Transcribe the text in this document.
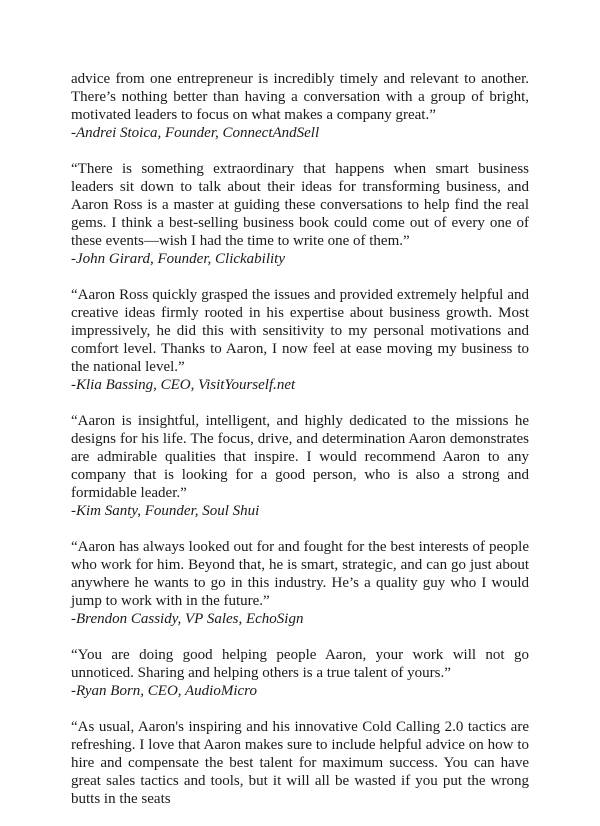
advice from one entrepreneur is incredibly timely and relevant to another. There’s nothing better than having a conversation with a group of bright, motivated leaders to focus on what makes a company great.”

-Andrei Stoica, Founder, ConnectAndSell

“There is something extraordinary that happens when smart business leaders sit down to talk about their ideas for transforming business, and Aaron Ross is a master at guiding these conversations to help find the real gems. I think a best-selling business book could come out of every one of these events—wish I had the time to write one of them.”

-John Girard, Founder, Clickability

“Aaron Ross quickly grasped the issues and provided extremely helpful and creative ideas firmly rooted in his expertise about business growth. Most impressively, he did this with sensitivity to my personal motivations and comfort level. Thanks to Aaron, I now feel at ease moving my business to the national level.”

-Klia Bassing, CEO, VisitYourself.net

“Aaron is insightful, intelligent, and highly dedicated to the missions he designs for his life. The focus, drive, and determination Aaron demonstrates are admirable qualities that inspire. I would recommend Aaron to any company that is looking for a good person, who is also a strong and formidable leader.”

-Kim Santy, Founder, Soul Shui

“Aaron has always looked out for and fought for the best interests of people who work for him. Beyond that, he is smart, strategic, and can go just about anywhere he wants to go in this industry. He’s a quality guy who I would jump to work with in the future.”

-Brendon Cassidy, VP Sales, EchoSign

“You are doing good helping people Aaron, your work will not go unnoticed. Sharing and helping others is a true talent of yours.”

-Ryan Born, CEO, AudioMicro

“As usual, Aaron's inspiring and his innovative Cold Calling 2.0 tactics are refreshing. I love that Aaron makes sure to include helpful advice on how to hire and compensate the best talent for maximum success. You can have great sales tactics and tools, but it will all be wasted if you put the wrong butts in the seats
